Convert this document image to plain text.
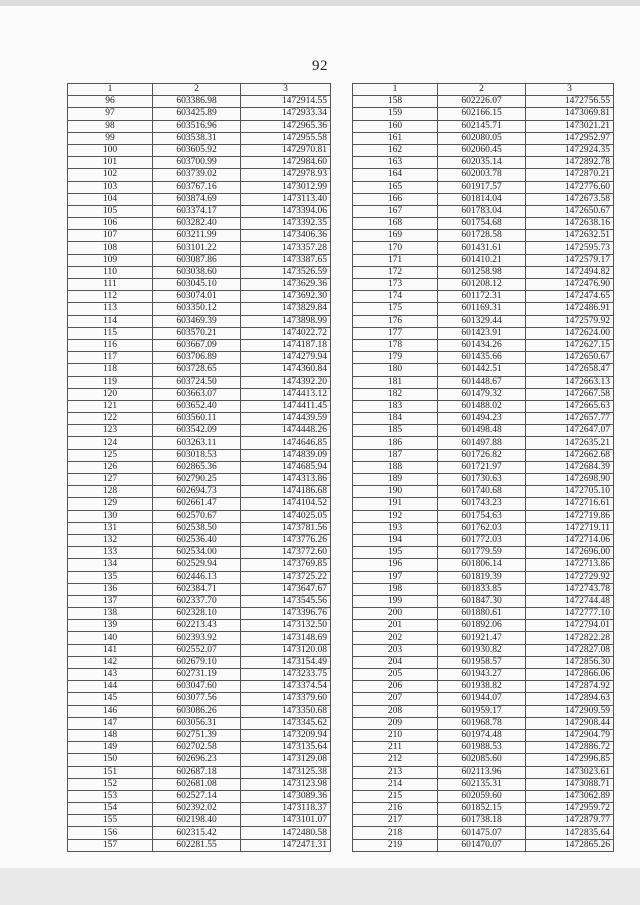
92
1	2	3
96	603386.98	1472914.55
97	603425.89	1472933.34
98	603516.96	1472965.36
99	603538.31	1472955.58
100	603605.92	1472970.81
101	603700.99	1472984.60
102	603739.02	1472978.93
103	603767.16	1473012.99
104	603874.69	1473113.40
105	603374.17	1473394.06
106	603282.40	1473392.35
107	603211.99	1473406.36
108	603101.22	1473357.28
109	603087.86	1473387.65
110	603038.60	1473526.59
111	603045.10	1473629.36
112	603074.01	1473692.30
113	603350.12	1473829.84
114	603469.39	1473898.99
115	603570.21	1474022.72
116	603667.09	1474187.18
117	603706.89	1474279.94
118	603728.65	1474360.84
119	603724.50	1474392.20
120	603663.07	1474413.12
121	603652.40	1474411.45
122	603560.11	1474439.59
123	603542.09	1474448.26
124	603263.11	1474646.85
125	603018.53	1474839.09
126	602865.36	1474685.94
127	602790.25	1474313.86
128	602694.73	1474186.68
129	602661.47	1474104.52
130	602570.67	1474025.05
131	602538.50	1473781.56
132	602536.40	1473776.26
133	602534.00	1473772.60
134	602529.94	1473769.85
135	602446.13	1473725.22
136	602384.71	1473647.67
137	602337.70	1473545.56
138	602328.10	1473396.76
139	602213.43	1473132.50
140	602393.92	1473148.69
141	602552.07	1473120.08
142	602679.10	1473154.49
143	602731.19	1473233.75
144	603047.60	1473374.54
145	603077.56	1473379.60
146	603086.26	1473350.68
147	603056.31	1473345.62
148	602751.39	1473209.94
149	602702.58	1473135.64
150	602696.23	1473129.08
151	602687.18	1473125.38
152	602681.08	1473123.98
153	602527.14	1473089.36
154	602392.02	1473118.37
155	602198.40	1473101.07
156	602315.42	1472480.58
157	602281.55	1472471.31
1	2	3
158	602226.07	1472756.55
159	602166.15	1473069.81
160	602145.71	1473021.21
161	602080.05	1472952.97
162	602060.45	1472924.35
163	602035.14	1472892.78
164	602003.78	1472870.21
165	601917.57	1472776.60
166	601814.04	1472673.58
167	601783.04	1472650.67
168	601754.68	1472638.16
169	601728.58	1472632.51
170	601431.61	1472595.73
171	601410.21	1472579.17
172	601258.98	1472494.82
173	601208.12	1472476.90
174	601172.31	1472474.65
175	601169.31	1472486.91
176	601329.44	1472579.92
177	601423.91	1472624.00
178	601434.26	1472627.15
179	601435.66	1472650.67
180	601442.51	1472658.47
181	601448.67	1472663.13
182	601479.32	1472667.58
183	601488.02	1472665.63
184	601494.23	1472657.77
185	601498.48	1472647.07
186	601497.88	1472635.21
187	601726.82	1472662.68
188	601721.97	1472684.39
189	601730.63	1472698.90
190	601740.68	1472705.10
191	601743.23	1472716.61
192	601754.63	1472719.86
193	601762.03	1472719.11
194	601772.03	1472714.06
195	601779.59	1472696.00
196	601806.14	1472713.86
197	601819.39	1472729.92
198	601833.85	1472743.78
199	601847.30	1472744.48
200	601880.61	1472777.10
201	601892.06	1472794.01
202	601921.47	1472822.28
203	601930.82	1472827.08
204	601958.57	1472856.30
205	601943.27	1472866.06
206	601938.82	1472874.92
207	601944.07	1472894.63
208	601959.17	1472909.59
209	601968.78	1472908.44
210	601974.48	1472904.79
211	601988.53	1472886.72
212	602085.60	1472996.85
213	602113.96	1473023.61
214	602135.31	1473088.71
215	602059.60	1473062.89
216	601852.15	1472959.72
217	601738.18	1472879.77
218	601475.07	1472835.64
219	601470.07	1472865.26
